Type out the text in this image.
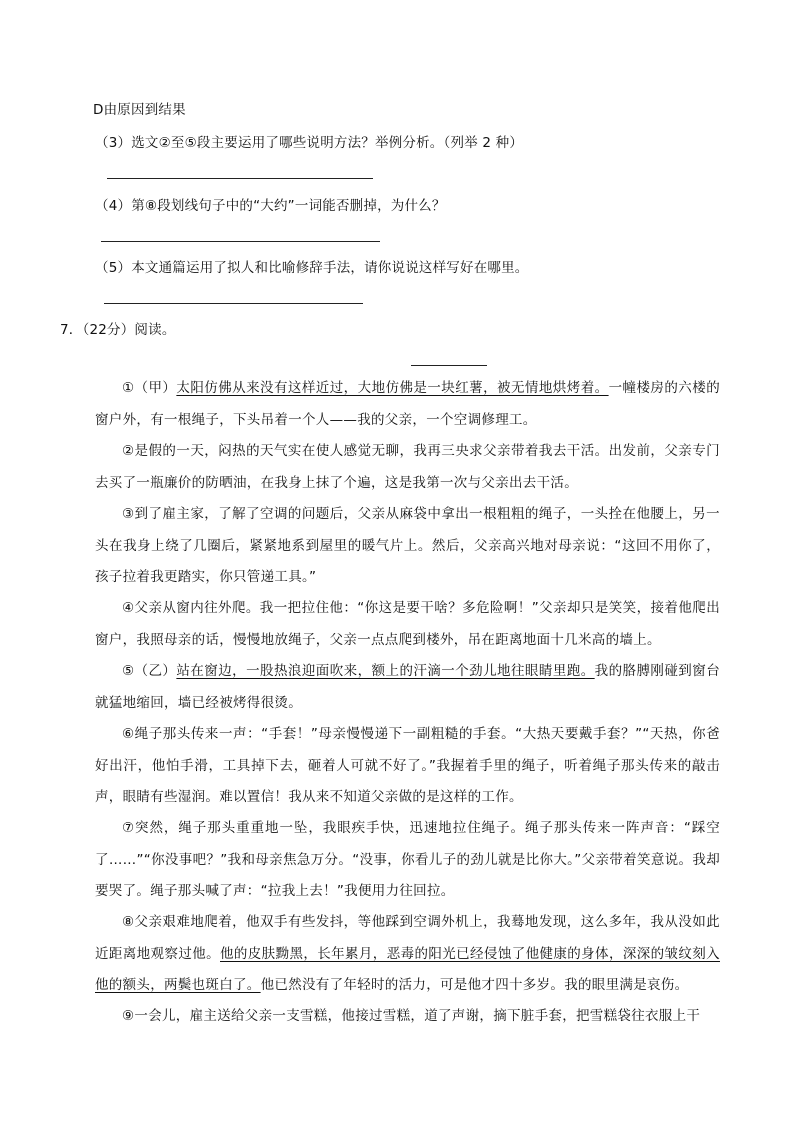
D由原因到结果
（3）选文②至⑤段主要运用了哪些说明方法？举例分析。（列举 2 种）
（4）第⑧段划线句子中的“大约”一词能否删掉，为什么？
（5）本文通篇运用了拟人和比喻修辞手法，请你说说这样写好在哪里。
7．（22分）阅读。
①（甲）太阳仿佛从来没有这样近过，大地仿佛是一块红薯，被无情地烘烤着。一幢楼房的六楼的窗户外，有一根绳子，下头吊着一个人——我的父亲，一个空调修理工。
②是假的一天，闷热的天气实在使人感觉无聊，我再三央求父亲带着我去干活。出发前，父亲专门去买了一瓶廉价的防晒油，在我身上抹了个遍，这是我第一次与父亲出去干活。
③到了雇主家，了解了空调的问题后，父亲从麻袋中拿出一根粗粗的绳子，一头拴在他腰上，另一头在我身上绕了几圈后，紧紧地系到屋里的暖气片上。然后，父亲高兴地对母亲说：“这回不用你了，孩子拉着我更踏实，你只管递工具。”
④父亲从窗内往外爬。我一把拉住他：“你这是要干啥？多危险啊！”父亲却只是笑笑，接着他爬出窗户，我照母亲的话，慢慢地放绳子，父亲一点点爬到楼外，吊在距离地面十几米高的墙上。
⑤（乙）站在窗边，一股热浪迎面吹来，额上的汗滴一个劲儿地往眼睛里跑。我的胳膊刚碰到窗台就猛地缩回，墙已经被烤得很烫。
⑥绳子那头传来一声：“手套！”母亲慢慢递下一副粗糙的手套。“大热天要戴手套？”“天热，你爸好出汗，他怕手滑，工具掉下去，砸着人可就不好了。”我握着手里的绳子，听着绳子那头传来的敲击声，眼睛有些湿润。难以置信！我从来不知道父亲做的是这样的工作。
⑦突然，绳子那头重重地一坠，我眼疾手快，迅速地拉住绳子。绳子那头传来一阵声音：“踩空了……”“你没事吧？”我和母亲焦急万分。“没事，你看儿子的劲儿就是比你大。”父亲带着笑意说。我却要哭了。绳子那头喊了声：“拉我上去！”我便用力往回拉。
⑧父亲艰难地爬着，他双手有些发抖，等他踩到空调外机上，我蓦地发现，这么多年，我从没如此近距离地观察过他。他的皮肤黝黑，长年累月，恶毒的阳光已经侵蚀了他健康的身体，深深的皱纹刻入他的额头，两鬓也斑白了。他已然没有了年轻时的活力，可是他才四十多岁。我的眼里满是哀伤。
⑨一会儿，雇主送给父亲一支雪糕，他接过雪糕，道了声谢，摘下脏手套，把雪糕袋往衣服上干
